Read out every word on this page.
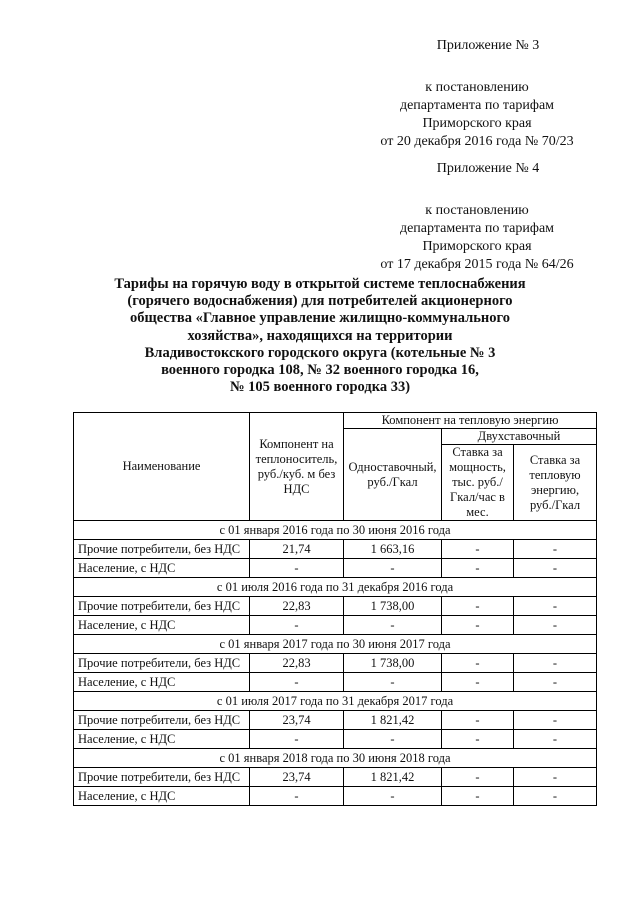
Приложение № 3
к постановлению
департамента по тарифам
Приморского края
от 20 декабря 2016 года № 70/23
Приложение № 4
к постановлению
департамента по тарифам
Приморского края
от 17 декабря 2015 года № 64/26
Тарифы на горячую воду в открытой системе теплоснабжения
(горячего водоснабжения) для потребителей акционерного
общества «Главное управление жилищно-коммунального
хозяйства», находящихся на территории
Владивостокского городского округа (котельные № 3
военного городка 108, № 32 военного городка 16,
№ 105 военного городка 33)
Наименование	Компонент на теплоноситель, руб./куб. м без НДС	Компонент на тепловую энергию		
		Одноставочный, руб./Гкал	Двухставочный	
			Ставка за мощность, тыс. руб./Гкал/час в мес.	Ставка за тепловую энергию, руб./Гкал
с 01 января 2016 года по 30 июня 2016 года				
Прочие потребители, без НДС	21,74	1 663,16	-	-
Население, с НДС	-	-	-	-
с 01 июля 2016 года по 31 декабря 2016 года				
Прочие потребители, без НДС	22,83	1 738,00	-	-
Население, с НДС	-	-	-	-
с 01 января 2017 года по 30 июня 2017 года				
Прочие потребители, без НДС	22,83	1 738,00	-	-
Население, с НДС	-	-	-	-
с 01 июля 2017 года по 31 декабря 2017 года				
Прочие потребители, без НДС	23,74	1 821,42	-	-
Население, с НДС	-	-	-	-
с 01 января 2018 года по 30 июня 2018 года				
Прочие потребители, без НДС	23,74	1 821,42	-	-
Население, с НДС	-	-	-	-
